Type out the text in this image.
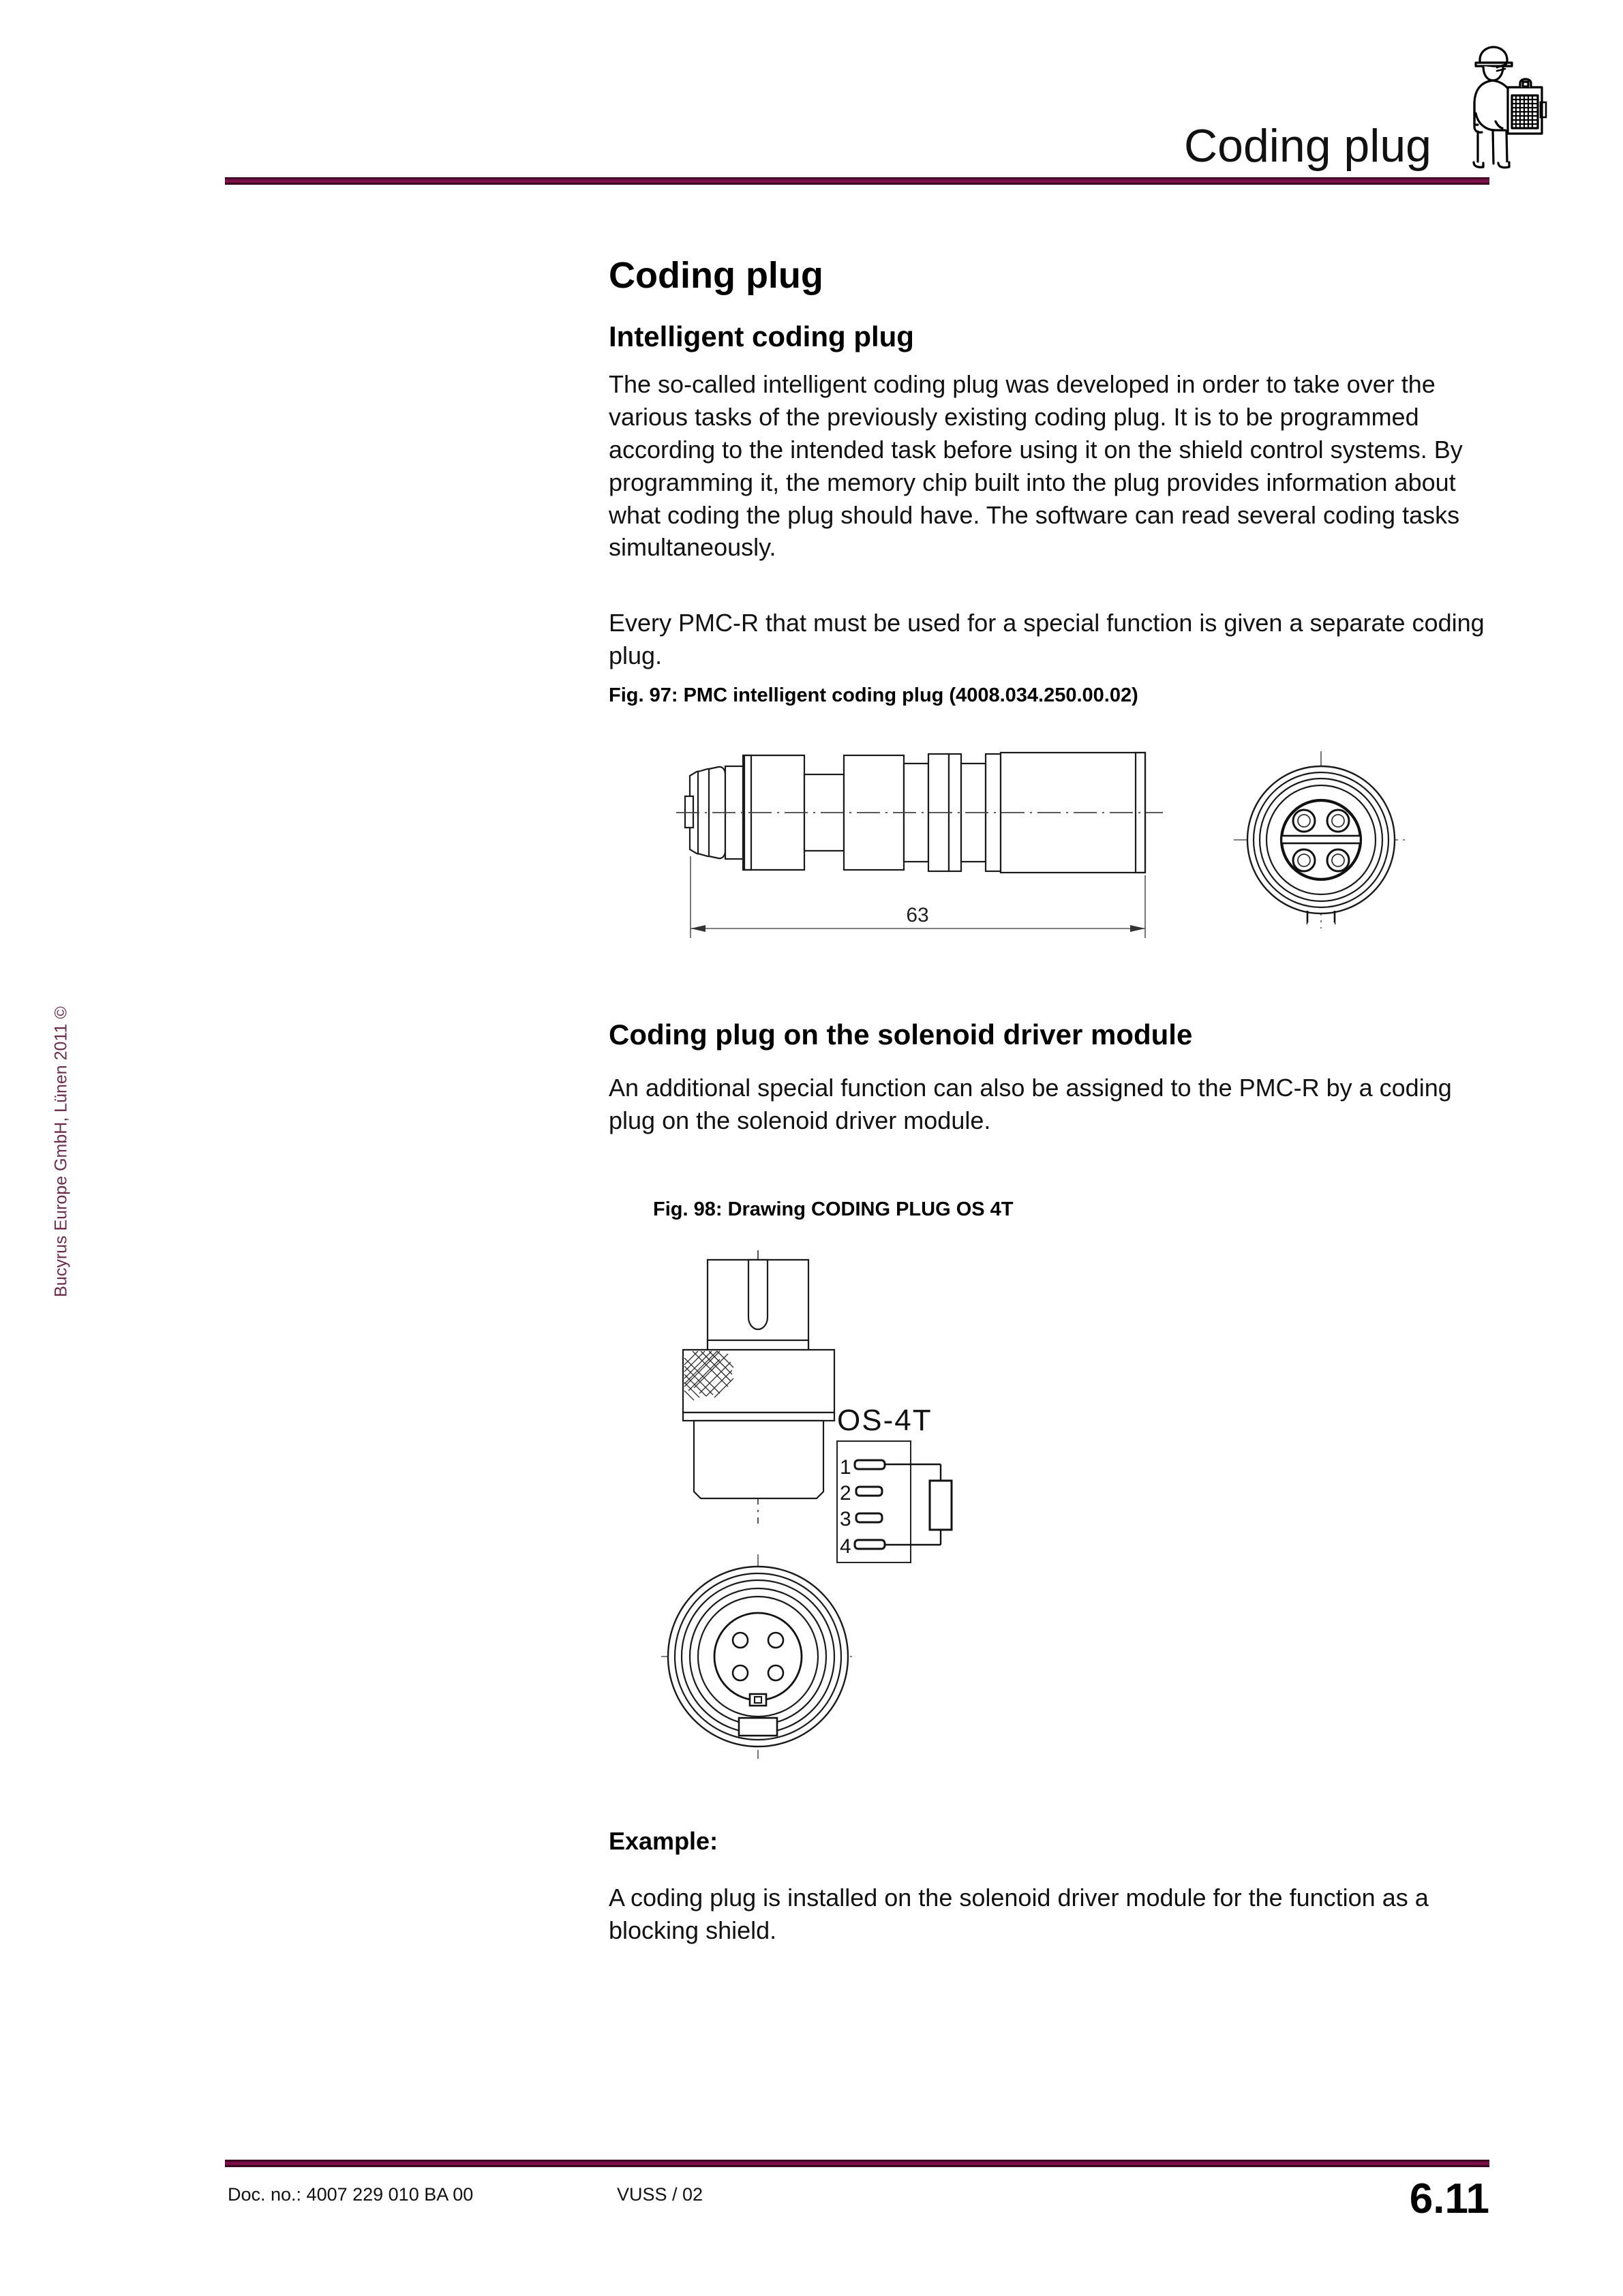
Coding plug
Bucyrus Europe GmbH, Lünen 2011 ©
Coding plug
Intelligent coding plug

The so-called intelligent coding plug was developed in order to take over the various tasks of the previously existing coding plug. It is to be programmed according to the intended task before using it on the shield control systems. By programming it, the memory chip built into the plug provides information about what coding the plug should have. The software can read several coding tasks simultaneously.

Every PMC-R that must be used for a special function is given a separate coding plug.

Fig. 97: PMC intelligent coding plug (4008.034.250.00.02)

63
Coding plug on the solenoid driver module

An additional special function can also be assigned to the PMC-R by a coding plug on the solenoid driver module.

Fig. 98: Drawing CODING PLUG OS 4T

OS-4T
1
2
3
4

Example:

A coding plug is installed on the solenoid driver module for the function as a blocking shield.

Doc. no.: 4007 229 010 BA 00	VUSS / 02	6.11
